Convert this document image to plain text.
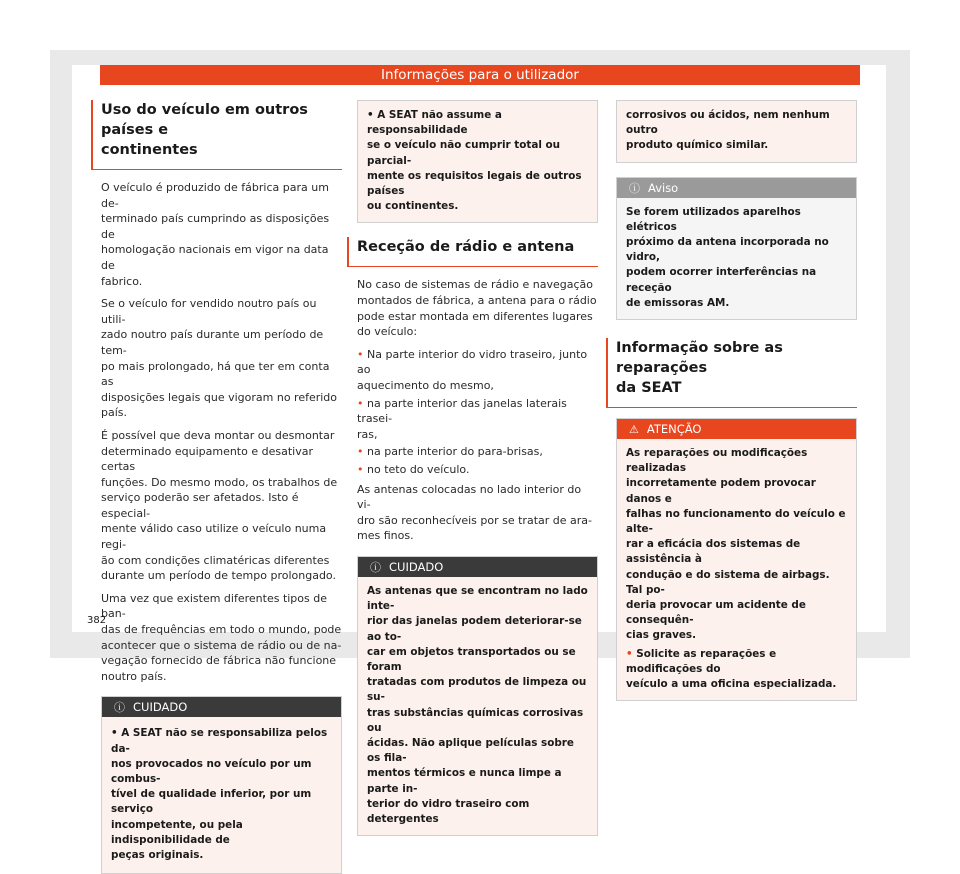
Informações para o utilizador
Uso do veículo em outros países e
continentes

O veículo é produzido de fábrica para um de-
terminado país cumprindo as disposições de
homologação nacionais em vigor na data de
fabrico.

Se o veículo for vendido noutro país ou utili-
zado noutro país durante um período de tem-
po mais prolongado, há que ter em conta as
disposições legais que vigoram no referido
país.

É possível que deva montar ou desmontar
determinado equipamento e desativar certas
funções. Do mesmo modo, os trabalhos de
serviço poderão ser afetados. Isto é especial-
mente válido caso utilize o veículo numa regi-
ão com condições climatéricas diferentes
durante um período de tempo prolongado.

Uma vez que existem diferentes tipos de ban-
das de frequências em todo o mundo, pode
acontecer que o sistema de rádio ou de na-
vegação fornecido de fábrica não funcione
noutro país.

ⓘ CUIDADO

• A SEAT não se responsabiliza pelos da-
nos provocados no veículo por um combus-
tível de qualidade inferior, por um serviço
incompetente, ou pela indisponibilidade de
peças originais.

• A SEAT não assume a responsabilidade
se o veículo não cumprir total ou parcial-
mente os requisitos legais de outros países
ou continentes.

Receção de rádio e antena

No caso de sistemas de rádio e navegação
montados de fábrica, a antena para o rádio
pode estar montada em diferentes lugares
do veículo:

• Na parte interior do vidro traseiro, junto ao
aquecimento do mesmo,

• na parte interior das janelas laterais trasei-
ras,

• na parte interior do para-brisas,

• no teto do veículo.

As antenas colocadas no lado interior do vi-
dro são reconhecíveis por se tratar de ara-
mes finos.

ⓘ CUIDADO

As antenas que se encontram no lado inte-
rior das janelas podem deteriorar-se ao to-
car em objetos transportados ou se foram
tratadas com produtos de limpeza ou su-
tras substâncias químicas corrosivas ou
ácidas. Não aplique películas sobre os fila-
mentos térmicos e nunca limpe a parte in-
terior do vidro traseiro com detergentes

corrosivos ou ácidos, nem nenhum outro
produto químico similar.

ⓘ Aviso

Se forem utilizados aparelhos elétricos
próximo da antena incorporada no vidro,
podem ocorrer interferências na receção
de emissoras AM.

Informação sobre as reparações
da SEAT
⚠ ATENÇÃO

As reparações ou modificações realizadas
incorretamente podem provocar danos e
falhas no funcionamento do veículo e alte-
rar a eficácia dos sistemas de assistência à
condução e do sistema de airbags. Tal po-
deria provocar um acidente de consequên-
cias graves.

• Solicite as reparações e modificações do
veículo a uma oficina especializada.

382
